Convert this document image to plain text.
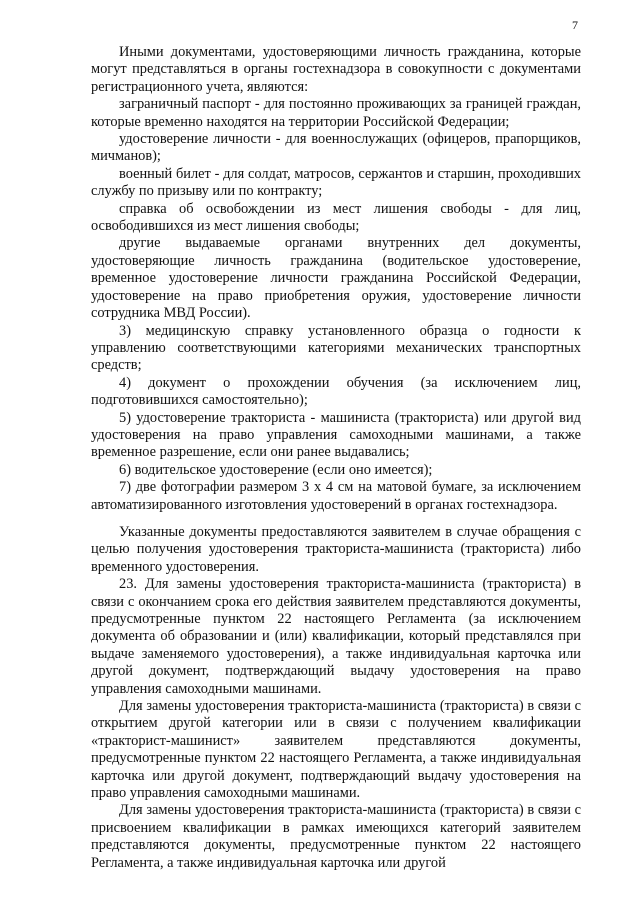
7

Иными документами, удостоверяющими личность гражданина, которые могут представляться в органы гостехнадзора в совокупности с документами регистрационного учета, являются:

заграничный паспорт - для постоянно проживающих за границей граждан, которые временно находятся на территории Российской Федерации;

удостоверение личности - для военнослужащих (офицеров, прапорщиков, мичманов);

военный билет - для солдат, матросов, сержантов и старшин, проходивших службу по призыву или по контракту;

справка об освобождении из мест лишения свободы - для лиц, освободившихся из мест лишения свободы;

другие выдаваемые органами внутренних дел документы, удостоверяющие личность гражданина (водительское удостоверение, временное удостоверение личности гражданина Российской Федерации, удостоверение на право приобретения оружия, удостоверение личности сотрудника МВД России).

3) медицинскую справку установленного образца о годности к управлению соответствующими категориями механических транспортных средств;

4) документ о прохождении обучения (за исключением лиц, подготовившихся самостоятельно);

5) удостоверение тракториста - машиниста (тракториста) или другой вид удостоверения на право управления самоходными машинами, а также временное разрешение, если они ранее выдавались;

6) водительское удостоверение (если оно имеется);

7) две фотографии размером 3 х 4 см на матовой бумаге, за исключением автоматизированного изготовления удостоверений в органах гостехнадзора.

Указанные документы предоставляются заявителем в случае обращения с целью получения удостоверения тракториста-машиниста (тракториста) либо временного удостоверения.

23. Для замены удостоверения тракториста-машиниста (тракториста) в связи с окончанием срока его действия заявителем представляются документы, предусмотренные пунктом 22 настоящего Регламента (за исключением документа об образовании и (или) квалификации, который представлялся при выдаче заменяемого удостоверения), а также индивидуальная карточка или другой документ, подтверждающий выдачу удостоверения на право управления самоходными машинами.

Для замены удостоверения тракториста-машиниста (тракториста) в связи с открытием другой категории или в связи с получением квалификации «тракторист-машинист» заявителем представляются документы, предусмотренные пунктом 22 настоящего Регламента, а также индивидуальная карточка или другой документ, подтверждающий выдачу удостоверения на право управления самоходными машинами.

Для замены удостоверения тракториста-машиниста (тракториста) в связи с присвоением квалификации в рамках имеющихся категорий заявителем представляются документы, предусмотренные пунктом 22 настоящего Регламента, а также индивидуальная карточка или другой
